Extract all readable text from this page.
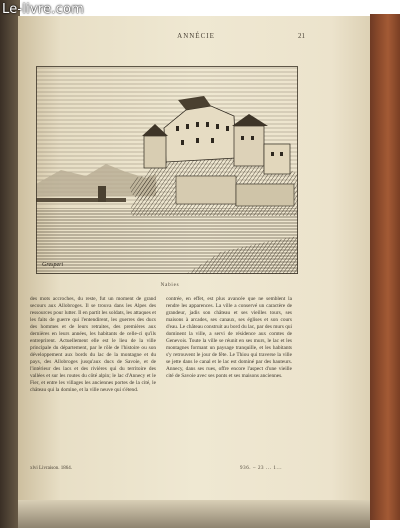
Le-livre.com
ANNÉCIE	21
Gresperi
Nabies
des mots accroches, du reste, fut un moment de grand secours aux Allobroges. Il se trouva dans les Alpes des ressources pour lutter. Il en partit les soldats, les attaques et les faits de guerre qui l'entendirent, les guerres des ducs des hommes et de leurs retraites, des premières aux dernières en leurs années, les habitants de celle-ci qu'ils entreprirent. Actuellement elle est le lieu de la ville principale du département, par le rôle de l'histoire ou son développement aux bords du lac de la montagne et du pays, des Allobroges jusqu'aux ducs de Savoie, et de l'intérieur des lacs et des rivières qui du territoire des vallées et sur les routes du côté alpin; le lac d'Annecy et le Fier, et entre les villages les anciennes portes de la cité, le château qui la domine, et la ville neuve qui s'étend.
contrée, en effet, est plus avancée que ne semblent la rendre les apparences. La ville a conservé un caractère de grandeur, jadis son château et ses vieilles tours, ses maisons à arcades, ses canaux, ses églises et son cours d'eau. Le château construit au bord du lac, par des murs qui dominent la ville, a servi de résidence aux comtes de Genevois. Toute la ville se réunit en ses murs, le lac et les montagnes formant un paysage tranquille, et les habitants s'y retrouvent le jour de fête. Le Thiou qui traverse la ville se jette dans le canal et le lac est dominé par des hauteurs. Annecy, dans ses rues, offre encore l'aspect d'une vieille cité de Savoie avec ses ponts et ses maisons anciennes.
xlvi Livraison. 1864.	936. – 23 ... 1...
